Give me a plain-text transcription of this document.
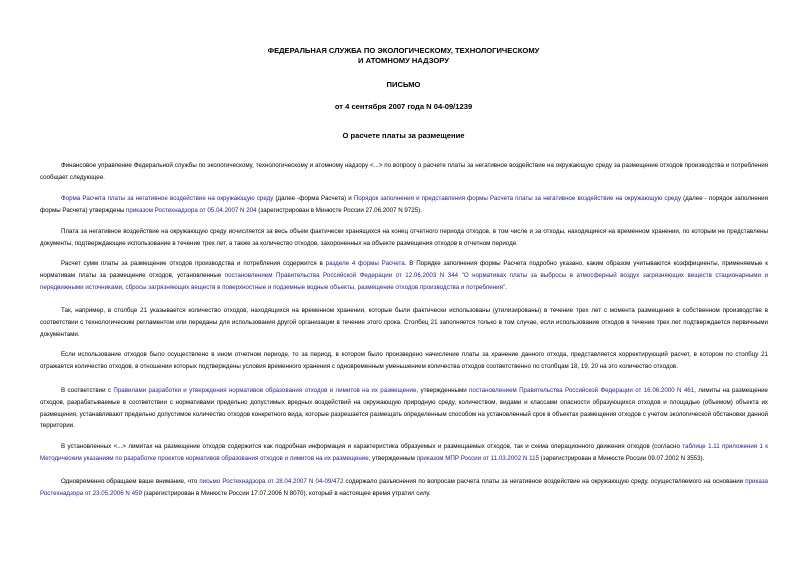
ФЕДЕРАЛЬНАЯ СЛУЖБА ПО ЭКОЛОГИЧЕСКОМУ, ТЕХНОЛОГИЧЕСКОМУ
И АТОМНОМУ НАДЗОРУ
ПИСЬМО
от 4 сентября 2007 года N 04-09/1239
О расчете платы за размещение
Финансовое управление Федеральной службы по экологическому, технологическому и атомному надзору <...> по вопросу о расчете платы за негативное воздействие на окружающую среду за размещение отходов производства и потребления сообщает следующее.
Форма Расчета платы за негативное воздействие на окружающую среду (далее -форма Расчета) и Порядок заполнения и представления формы Расчета платы за негативное воздействие на окружающую среду (далее - порядок заполнения формы Расчета) утверждены приказом Ростехнадзора от 05.04.2007 N 204 (зарегистрирован в Минюсте России 27.06.2007 N 9725).
Плата за негативное воздействие на окружающую среду исчисляется за весь объем фактически хранящихся на конец отчетного периода отходов, в том числе и за отходы, находящиеся на временном хранении, по которым не представлены документы, подтверждающие использование в течение трех лет, а также за количество отходов, захороненных на объекте размещения отходов в отчетном периоде.
Расчет сумм платы за размещение отходов производства и потребления содержится в разделе 4 формы Расчета. В Порядке заполнения формы Расчета подробно указано, каким образом учитываются коэффициенты, применяемые к нормативам платы за размещение отходов, установленные постановлением Правительства Российской Федерации от 12.06.2003 N 344 "О нормативах платы за выбросы в атмосферный воздух загрязняющих веществ стационарными и передвижными источниками, сбросы загрязняющих веществ в поверхностные и подземные водные объекты, размещение отходов производства и потребления".
Так, например, в столбце 21 указывается количество отходов, находящихся на временном хранении, которые были фактически использованы (утилизированы) в течение трех лет с момента размещения в собственном производстве в соответствии с технологическим регламентом или переданы для использования другой организации в течение этого срока. Столбец 21 заполняется только в том случае, если использование отходов в течение трех лет подтверждается первичными документами.
Если использование отходов было осуществлено в ином отчетном периоде, то за период, в котором было произведено начисление платы за хранение данного отхода, представляется корректирующий расчет, в котором по столбцу 21 отражается количество отходов, в отношении которых подтверждены условия временного хранения с одновременным уменьшением количества отходов соответственно по столбцам 18, 19, 20 на это количество отходов.
В соответствии с Правилами разработки и утверждения нормативов образования отходов и лимитов на их размещение, утвержденными постановлением Правительства Российской Федерации от 16.06.2000 N 461, лимиты на размещение отходов, разрабатываемые в соответствии с нормативами предельно допустимых вредных воздействий на окружающую природную среду, количеством, видами и классами опасности образующихся отходов и площадью (объемом) объекта их размещения, устанавливают предельно допустимое количество отходов конкретного вида, которые разрешается размещать определенным способом на установленный срок в объектах размещения отходов с учетом экологической обстановки данной территории.
В установленных <...> лимитах на размещение отходов содержится как подробная информация и характеристика образуемых и размещаемых отходов, так и схема операционного движения отходов (согласно таблице 1.11 приложения 1 к Методическим указаниям по разработке проектов нормативов образования отходов и лимитов на их размещение, утвержденным приказом МПР России от 11.03.2002 N 115 (зарегистрирован в Минюсте России 09.07.2002 N 3553).
Одновременно обращаем ваше внимание, что письмо Ростехнадзора от 28.04.2007 N 04-09/472 содержало разъяснения по вопросам расчета платы за негативное воздействие на окружающую среду, осуществляемого на основании приказа Ростехнадзора от 23.05.2006 N 459 (зарегистрирован в Минюсте России 17.07.2006 N 8070), который в настоящее время утратил силу.
